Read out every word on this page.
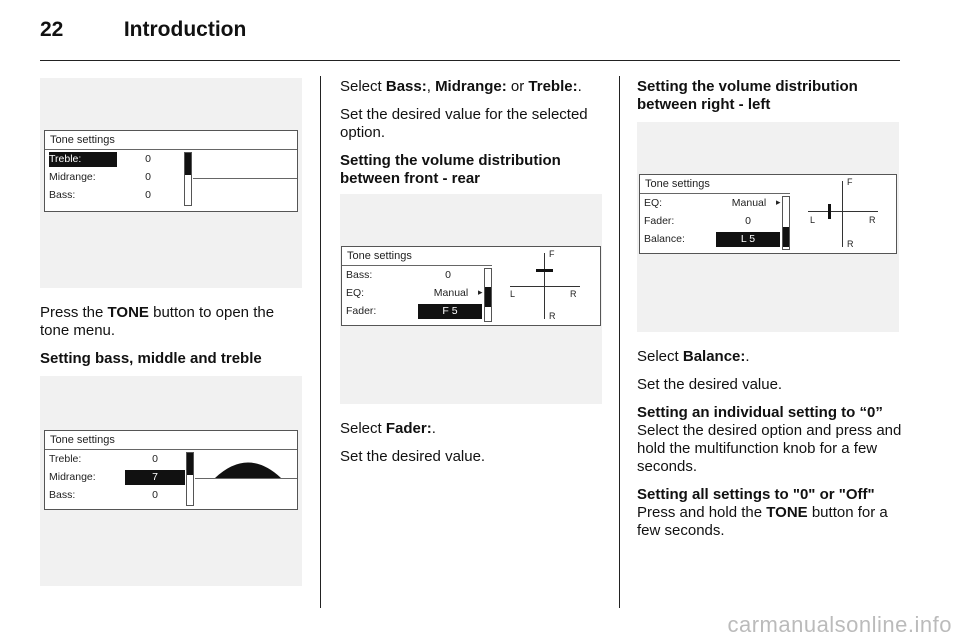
22	Introduction
Tone settings
Treble:	0
Midrange:	0
Bass:	0

Press the TONE button to open the tone menu.

Setting bass, middle and treble
Tone settings
Treble:	0
Midrange:	7
Bass:	0

Select Bass:, Midrange: or Treble:.

Set the desired value for the selected option.

Setting the volume distribution between front - rear
Tone settings
Bass:	0
EQ:	Manual	▸
Fader:	F 5
F
L	R
R

Select Fader:.

Set the desired value.

Setting the volume distribution between right - left
Tone settings
EQ:	Manual	▸
Fader:	0
Balance:	L 5
F
L	R
R

Select Balance:.

Set the desired value.

Setting an individual setting to “0”

Select the desired option and press and hold the multifunction knob for a few seconds.

Setting all settings to "0" or "Off"

Press and hold the TONE button for a few seconds.

carmanualsonline.info
